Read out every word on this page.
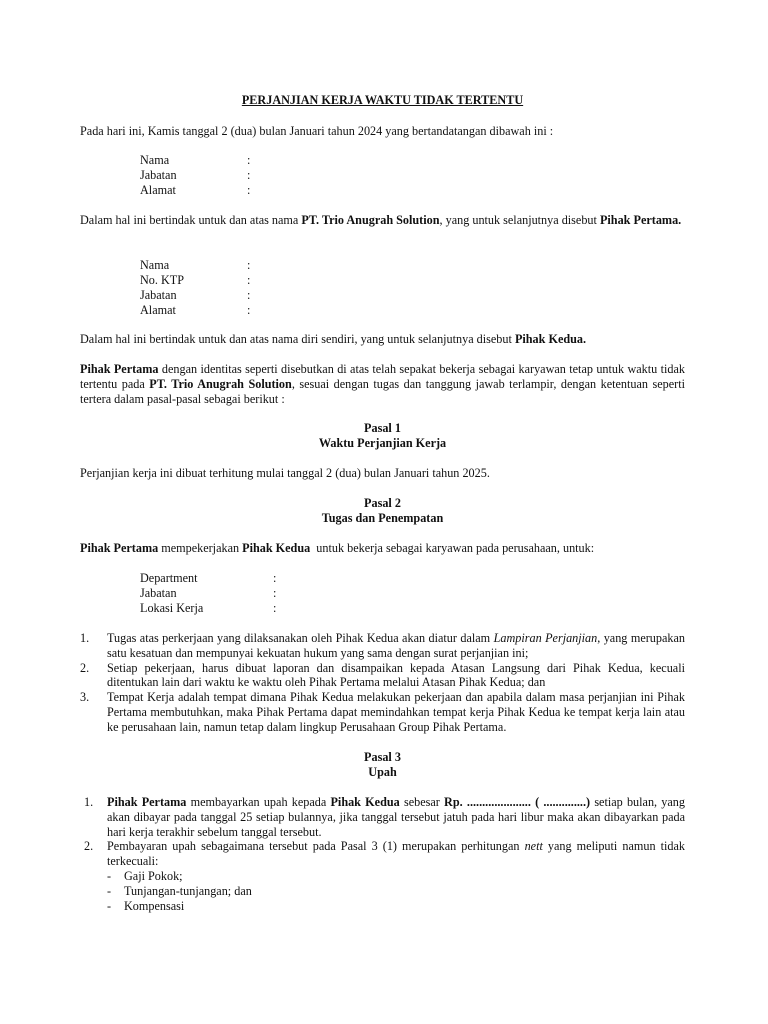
PERJANJIAN KERJA WAKTU TIDAK TERTENTU

Pada hari ini, Kamis tanggal 2 (dua) bulan Januari tahun 2024 yang bertandatangan dibawah ini :

Nama	:
Jabatan	:
Alamat	:

Dalam hal ini bertindak untuk dan atas nama PT. Trio Anugrah Solution, yang untuk selanjutnya disebut Pihak Pertama.

Nama	:
No. KTP	:
Jabatan	:
Alamat	:

Dalam hal ini bertindak untuk dan atas nama diri sendiri, yang untuk selanjutnya disebut Pihak Kedua.

Pihak Pertama dengan identitas seperti disebutkan di atas telah sepakat bekerja sebagai karyawan tetap untuk waktu tidak tertentu pada PT. Trio Anugrah Solution, sesuai dengan tugas dan tanggung jawab terlampir, dengan ketentuan seperti tertera dalam pasal-pasal sebagai berikut :

Pasal 1
Waktu Perjanjian Kerja

Perjanjian kerja ini dibuat terhitung mulai tanggal 2 (dua) bulan Januari tahun 2025.

Pasal 2
Tugas dan Penempatan

Pihak Pertama mempekerjakan Pihak Kedua  untuk bekerja sebagai karyawan pada perusahaan, untuk:

Department	:
Jabatan	:
Lokasi Kerja	:
1. Tugas atas perkerjaan yang dilaksanakan oleh Pihak Kedua akan diatur dalam Lampiran Perjanjian, yang merupakan satu kesatuan dan mempunyai kekuatan hukum yang sama dengan surat perjanjian ini;
2. Setiap pekerjaan, harus dibuat laporan dan disampaikan kepada Atasan Langsung dari Pihak Kedua, kecuali ditentukan lain dari waktu ke waktu oleh Pihak Pertama melalui Atasan Pihak Kedua; dan
3. Tempat Kerja adalah tempat dimana Pihak Kedua melakukan pekerjaan dan apabila dalam masa perjanjian ini Pihak Pertama membutuhkan, maka Pihak Pertama dapat memindahkan tempat kerja Pihak Kedua ke tempat kerja lain atau ke perusahaan lain, namun tetap dalam lingkup Perusahaan Group Pihak Pertama.
Pasal 3
Upah
1. Pihak Pertama membayarkan upah kepada Pihak Kedua sebesar Rp. ..................... ( ..............) setiap bulan, yang akan dibayar pada tanggal 25 setiap bulannya, jika tanggal tersebut jatuh pada hari libur maka akan dibayarkan pada hari kerja terakhir sebelum tanggal tersebut.
2. Pembayaran upah sebagaimana tersebut pada Pasal 3 (1) merupakan perhitungan nett yang meliputi namun tidak terkecuali:
- Gaji Pokok;
- Tunjangan-tunjangan; dan
- Kompensasi
